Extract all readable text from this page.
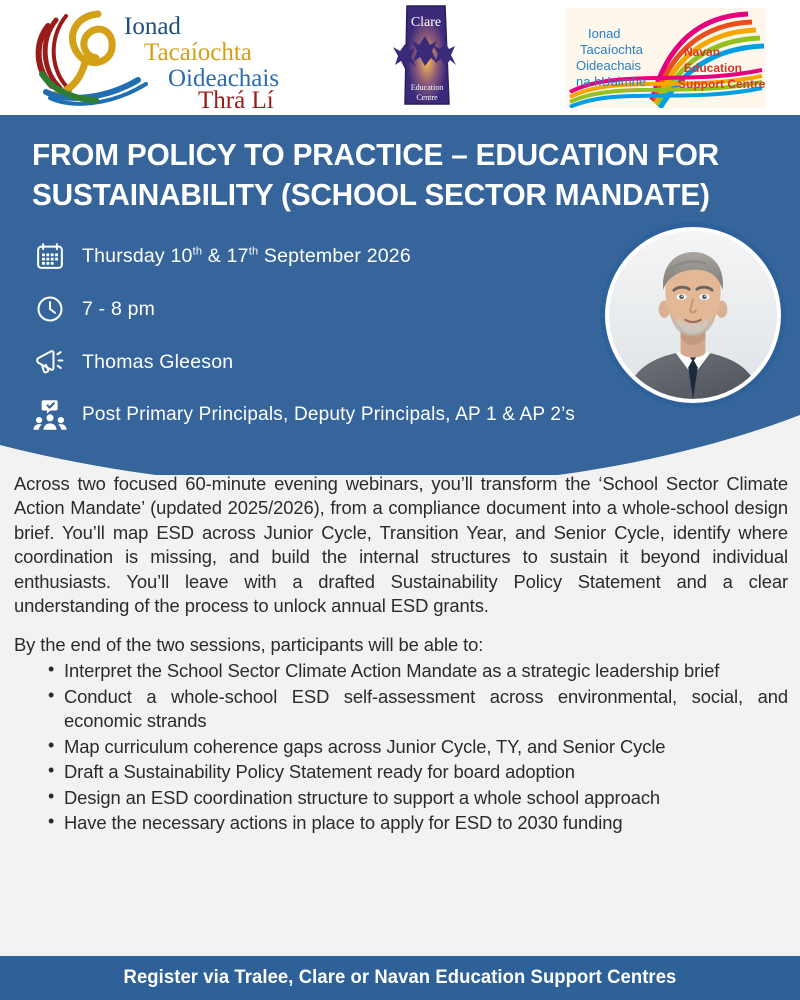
Ionad
Tacaíochta
Oideachais
Thrá Lí
Clare
Education
Centre
Ionad
Tacaíochta
Oideachais
na hUaimhe
Navan
Education
Support Centre
FROM POLICY TO PRACTICE – EDUCATION FOR SUSTAINABILITY (SCHOOL SECTOR MANDATE)
Thursday 10th & 17th September 2026
7 - 8 pm
Thomas Gleeson
Post Primary Principals, Deputy Principals, AP 1 & AP 2’s

Across two focused 60-minute evening webinars, you’ll transform the ‘School Sector Climate Action Mandate’ (updated 2025/2026), from a compliance document into a whole-school design brief. You’ll map ESD across Junior Cycle, Transition Year, and Senior Cycle, identify where coordination is missing, and build the internal structures to sustain it beyond individual enthusiasts. You’ll leave with a drafted Sustainability Policy Statement and a clear understanding of the process to unlock annual ESD grants.

By the end of the two sessions, participants will be able to:

• Interpret the School Sector Climate Action Mandate as a strategic leadership brief
• Conduct a whole-school ESD self-assessment across environmental, social, and economic strands
• Map curriculum coherence gaps across Junior Cycle, TY, and Senior Cycle
• Draft a Sustainability Policy Statement ready for board adoption
• Design an ESD coordination structure to support a whole school approach
• Have the necessary actions in place to apply for ESD to 2030 funding
Register via Tralee, Clare or Navan Education Support Centres
